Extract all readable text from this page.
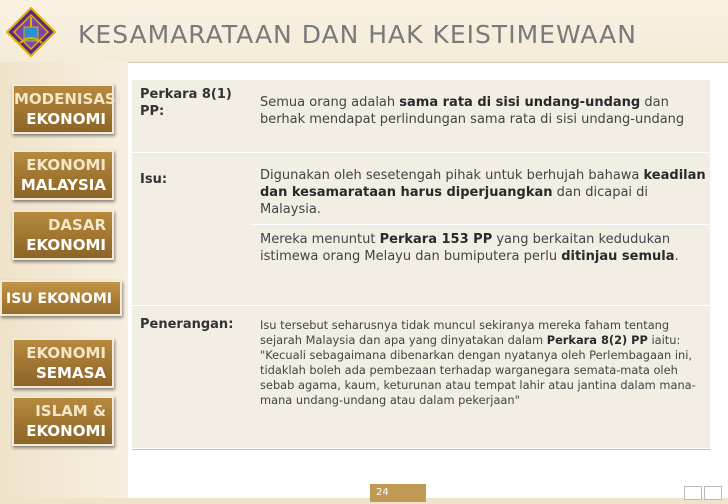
KESAMARATAAN DAN HAK KEISTIMEWAAN
MODENISASI
EKONOMI
EKONOMI
MALAYSIA
DASAR
EKONOMI
ISU EKONOMI
EKONOMI
SEMASA
ISLAM &
EKONOMI
Perkara 8(1)
PP:
Semua orang adalah sama rata di sisi undang-undang dan berhak mendapat perlindungan sama rata di sisi undang-undang
Isu:	Digunakan oleh sesetengah pihak untuk berhujah bahawa keadilan dan kesamarataan harus diperjuangkan dan dicapai di Malaysia.
Mereka menuntut Perkara 153 PP yang berkaitan kedudukan istimewa orang Melayu dan bumiputera perlu ditinjau semula.
Penerangan:	Isu tersebut seharusnya tidak muncul sekiranya mereka faham tentang sejarah Malaysia dan apa yang dinyatakan dalam Perkara 8(2) PP iaitu:
"Kecuali sebagaimana dibenarkan dengan nyatanya oleh Perlembagaan ini, tidaklah boleh ada pembezaan terhadap warganegara semata-mata oleh sebab agama, kaum, keturunan atau tempat lahir atau jantina dalam mana-mana undang-undang atau dalam pekerjaan"
24
